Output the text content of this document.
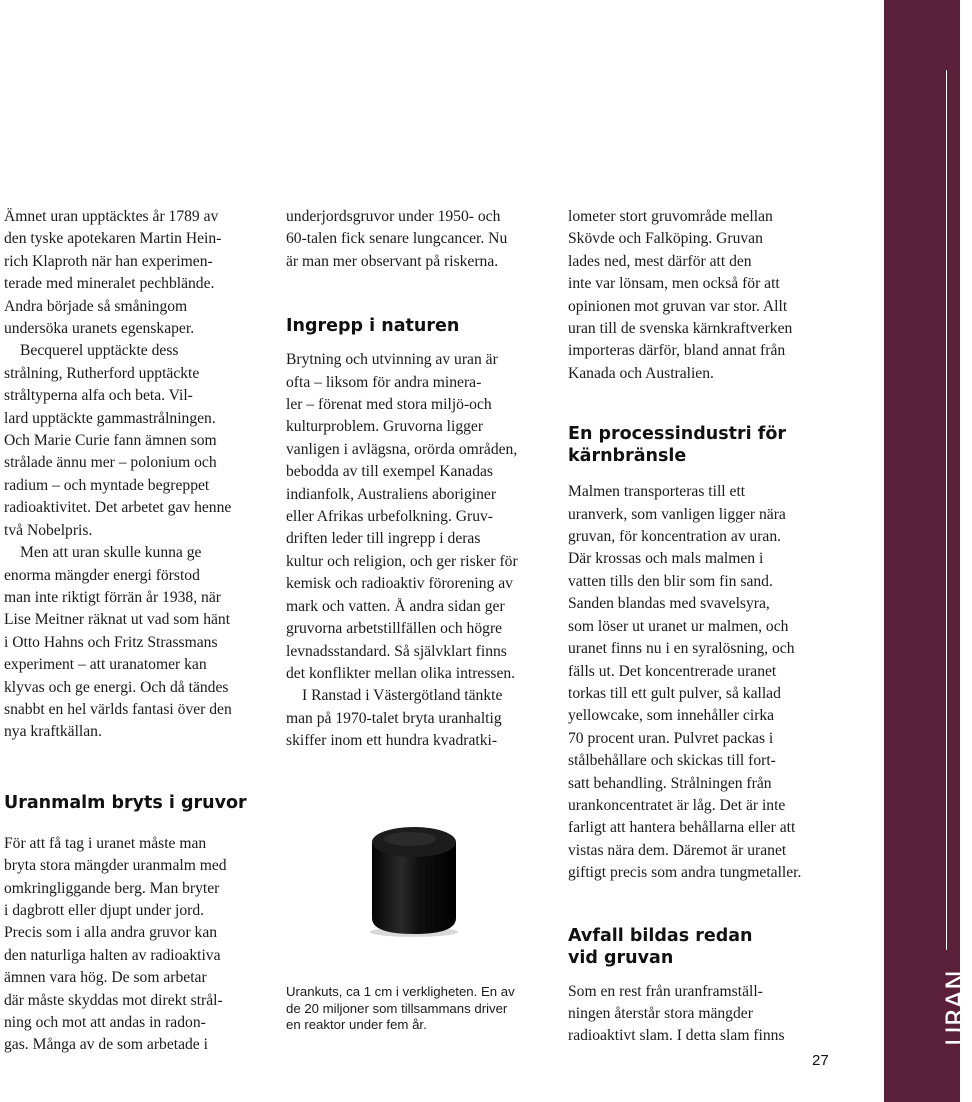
Ämnet uran upptäcktes år 1789 av
den tyske apotekaren Martin Hein-
rich Klaproth när han experimen-
terade med mineralet pechblände.
Andra började så småningom
undersöka uranets egenskaper.

Becquerel upptäckte dess
strålning, Rutherford upptäckte
stråltyperna alfa och beta. Vil-
lard upptäckte gammastrålningen.
Och Marie Curie fann ämnen som
strålade ännu mer – polonium och
radium – och myntade begreppet
radioaktivitet. Det arbetet gav henne
två Nobelpris.

Men att uran skulle kunna ge
enorma mängder energi förstod
man inte riktigt förrän år 1938, när
Lise Meitner räknat ut vad som hänt
i Otto Hahns och Fritz Strassmans
experiment – att uranatomer kan
klyvas och ge energi. Och då tändes
snabbt en hel världs fantasi över den
nya kraftkällan.

Uranmalm bryts i gruvor

För att få tag i uranet måste man
bryta stora mängder uranmalm med
omkringliggande berg. Man bryter
i dagbrott eller djupt under jord.
Precis som i alla andra gruvor kan
den naturliga halten av radioaktiva
ämnen vara hög. De som arbetar
där måste skyddas mot direkt strål-
ning och mot att andas in radon-
gas. Många av de som arbetade i

underjordsgruvor under 1950- och
60-talen fick senare lungcancer. Nu
är man mer observant på riskerna.

Ingrepp i naturen

Brytning och utvinning av uran är
ofta – liksom för andra minera-
ler – förenat med stora miljö-och
kulturproblem. Gruvorna ligger
vanligen i avlägsna, orörda områden,
bebodda av till exempel Kanadas
indianfolk, Australiens aboriginer
eller Afrikas urbefolkning. Gruv-
driften leder till ingrepp i deras
kultur och religion, och ger risker för
kemisk och radioaktiv förorening av
mark och vatten. Å andra sidan ger
gruvorna arbetstillfällen och högre
levnadsstandard. Så självklart finns
det konflikter mellan olika intressen.

I Ranstad i Västergötland tänkte
man på 1970-talet bryta uranhaltig
skiffer inom ett hundra kvadratki-

Urankuts, ca 1 cm i verkligheten. En av
de 20 miljoner som tillsammans driver
en reaktor under fem år.

lometer stort gruvområde mellan
Skövde och Falköping. Gruvan
lades ned, mest därför att den
inte var lönsam, men också för att
opinionen mot gruvan var stor. Allt
uran till de svenska kärnkraftverken
importeras därför, bland annat från
Kanada och Australien.

En processindustri för
kärnbränsle

Malmen transporteras till ett
uranverk, som vanligen ligger nära
gruvan, för koncentration av uran.
Där krossas och mals malmen i
vatten tills den blir som fin sand.
Sanden blandas med svavelsyra,
som löser ut uranet ur malmen, och
uranet finns nu i en syralösning, och
fälls ut. Det koncentrerade uranet
torkas till ett gult pulver, så kallad
yellowcake, som innehåller cirka
70 procent uran. Pulvret packas i
stålbehållare och skickas till fort-
satt behandling. Strålningen från
urankoncentratet är låg. Det är inte
farligt att hantera behållarna eller att
vistas nära dem. Däremot är uranet
giftigt precis som andra tungmetaller.

Avfall bildas redan
vid gruvan

Som en rest från uranframställ-
ningen återstår stora mängder
radioaktivt slam. I detta slam finns	URAN
27
